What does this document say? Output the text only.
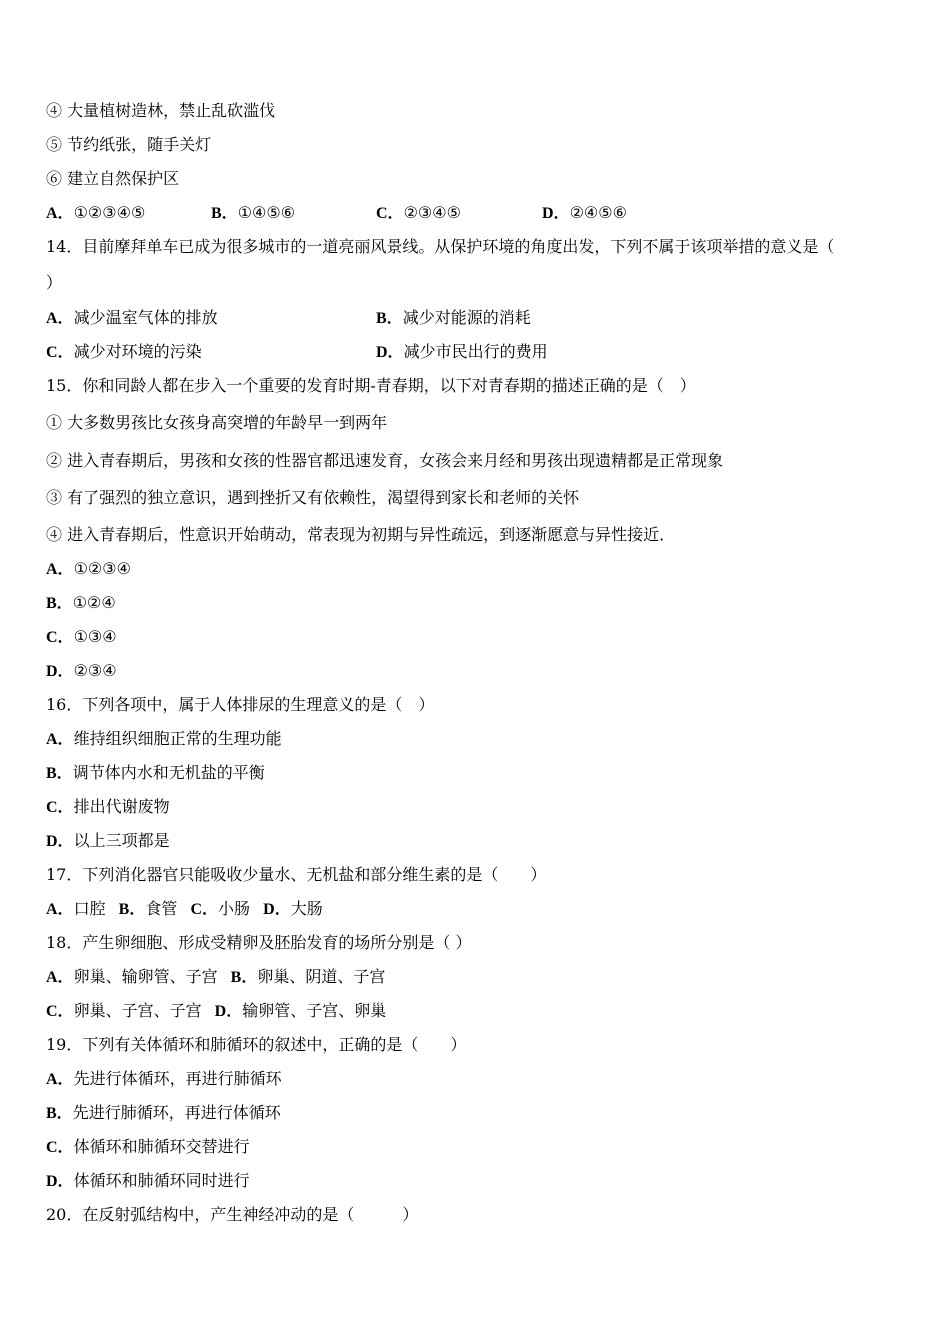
④ 大量植树造林，禁止乱砍滥伐
⑤ 节约纸张，随手关灯
⑥ 建立自然保护区
A．①②③④⑤	B．①④⑤⑥	C．②③④⑤	D．②④⑤⑥
14．目前摩拜单车已成为很多城市的一道亮丽风景线。从保护环境的角度出发，下列不属于该项举措的意义是（
）
A．减少温室气体的排放	B．减少对能源的消耗
C．减少对环境的污染	D．减少市民出行的费用
15．你和同龄人都在步入一个重要的发育时期-青春期，以下对青春期的描述正确的是（　）
① 大多数男孩比女孩身高突增的年龄早一到两年
② 进入青春期后，男孩和女孩的性器官都迅速发育，女孩会来月经和男孩出现遗精都是正常现象
③ 有了强烈的独立意识，遇到挫折又有依赖性，渴望得到家长和老师的关怀
④ 进入青春期后，性意识开始萌动，常表现为初期与异性疏远，到逐渐愿意与异性接近．
A．①②③④
B．①②④
C．①③④
D．②③④
16．下列各项中，属于人体排尿的生理意义的是（　）
A．维持组织细胞正常的生理功能
B．调节体内水和无机盐的平衡
C．排出代谢废物
D．以上三项都是
17．下列消化器官只能吸收少量水、无机盐和部分维生素的是（　　）
A．口腔 B．食管 C．小肠 D．大肠
18．产生卵细胞、形成受精卵及胚胎发育的场所分别是（ ）
A．卵巢、输卵管、子宫 B．卵巢、阴道、子宫
C．卵巢、子宫、子宫 D．输卵管、子宫、卵巢
19．下列有关体循环和肺循环的叙述中，正确的是（　　）
A．先进行体循环，再进行肺循环
B．先进行肺循环，再进行体循环
C．体循环和肺循环交替进行
D．体循环和肺循环同时进行
20．在反射弧结构中，产生神经冲动的是（　　　）
